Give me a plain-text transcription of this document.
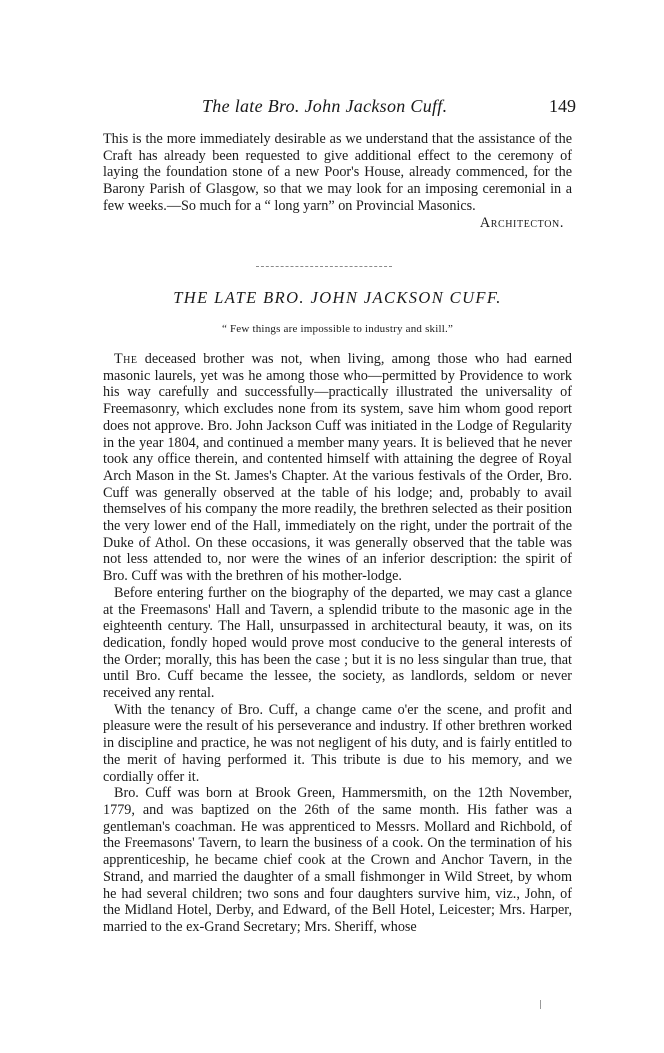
The late Bro. John Jackson Cuff.	149

This is the more immediately desirable as we understand that the assistance of the Craft has already been requested to give additional effect to the ceremony of laying the foundation stone of a new Poor's House, already commenced, for the Barony Parish of Glasgow, so that we may look for an imposing ceremonial in a few weeks.—So much for a “ long yarn” on Provincial Masonics.

Architecton.

THE LATE BRO. JOHN JACKSON CUFF.
“ Few things are impossible to industry and skill.”

The deceased brother was not, when living, among those who had earned masonic laurels, yet was he among those who—permitted by Providence to work his way carefully and successfully—practically illustrated the universality of Freemasonry, which excludes none from its system, save him whom good report does not approve. Bro. John Jackson Cuff was initiated in the Lodge of Regularity in the year 1804, and continued a member many years. It is believed that he never took any office therein, and contented himself with attaining the degree of Royal Arch Mason in the St. James's Chapter. At the various festivals of the Order, Bro. Cuff was generally observed at the table of his lodge; and, probably to avail themselves of his company the more readily, the brethren selected as their position the very lower end of the Hall, immediately on the right, under the portrait of the Duke of Athol. On these occasions, it was generally observed that the table was not less attended to, nor were the wines of an inferior description: the spirit of Bro. Cuff was with the brethren of his mother-lodge.

Before entering further on the biography of the departed, we may cast a glance at the Freemasons' Hall and Tavern, a splendid tribute to the masonic age in the eighteenth century. The Hall, unsurpassed in architectural beauty, it was, on its dedication, fondly hoped would prove most conducive to the general interests of the Order; morally, this has been the case ; but it is no less singular than true, that until Bro. Cuff became the lessee, the society, as landlords, seldom or never received any rental.

With the tenancy of Bro. Cuff, a change came o'er the scene, and profit and pleasure were the result of his perseverance and industry. If other brethren worked in discipline and practice, he was not negligent of his duty, and is fairly entitled to the merit of having performed it. This tribute is due to his memory, and we cordially offer it.

Bro. Cuff was born at Brook Green, Hammersmith, on the 12th November, 1779, and was baptized on the 26th of the same month. His father was a gentleman's coachman. He was apprenticed to Messrs. Mollard and Richbold, of the Freemasons' Tavern, to learn the business of a cook. On the termination of his apprenticeship, he became chief cook at the Crown and Anchor Tavern, in the Strand, and married the daughter of a small fishmonger in Wild Street, by whom he had several children; two sons and four daughters survive him, viz., John, of the Midland Hotel, Derby, and Edward, of the Bell Hotel, Leicester; Mrs. Harper, married to the ex-Grand Secretary; Mrs. Sheriff, whose
